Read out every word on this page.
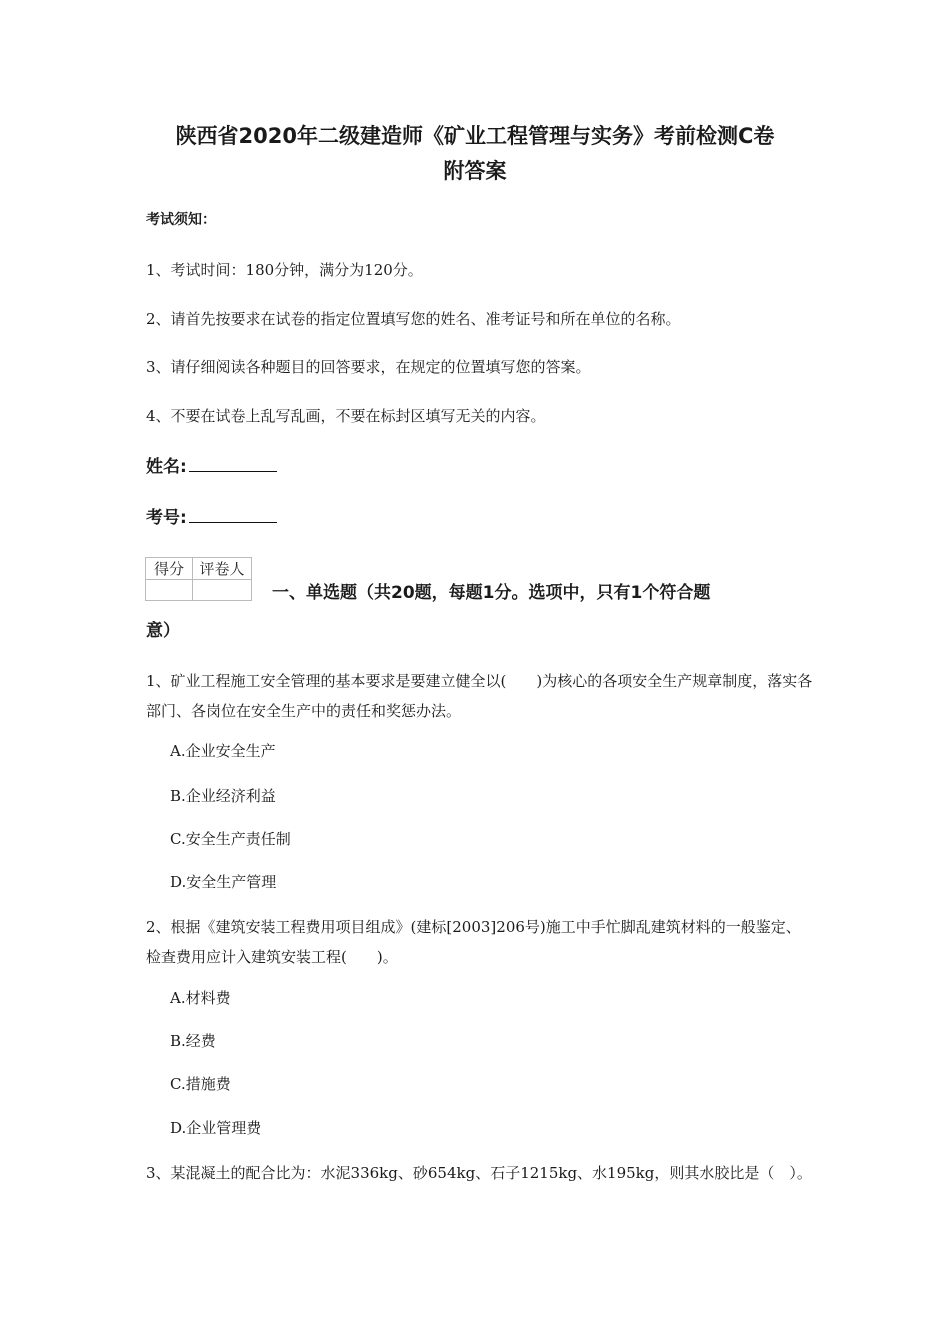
陕西省2020年二级建造师《矿业工程管理与实务》考前检测C卷
附答案
考试须知：
1、考试时间：180分钟，满分为120分。
2、请首先按要求在试卷的指定位置填写您的姓名、准考证号和所在单位的名称。
3、请仔细阅读各种题目的回答要求，在规定的位置填写您的答案。
4、不要在试卷上乱写乱画，不要在标封区填写无关的内容。
姓名:
考号:
得分	评卷人

一、单选题（共20题，每题1分。选项中，只有1个符合题
意）
1、矿业工程施工安全管理的基本要求是要建立健全以(　　)为核心的各项安全生产规章制度，落实各部门、各岗位在安全生产中的责任和奖惩办法。
A.企业安全生产
B.企业经济利益
C.安全生产责任制
D.安全生产管理
2、根据《建筑安装工程费用项目组成》(建标[2003]206号)施工中手忙脚乱建筑材料的一般鉴定、检查费用应计入建筑安装工程(　　)。
A.材料费
B.经费
C.措施费
D.企业管理费
3、某混凝土的配合比为：水泥336kg、砂654kg、石子1215kg、水195kg，则其水胶比是（　）。
